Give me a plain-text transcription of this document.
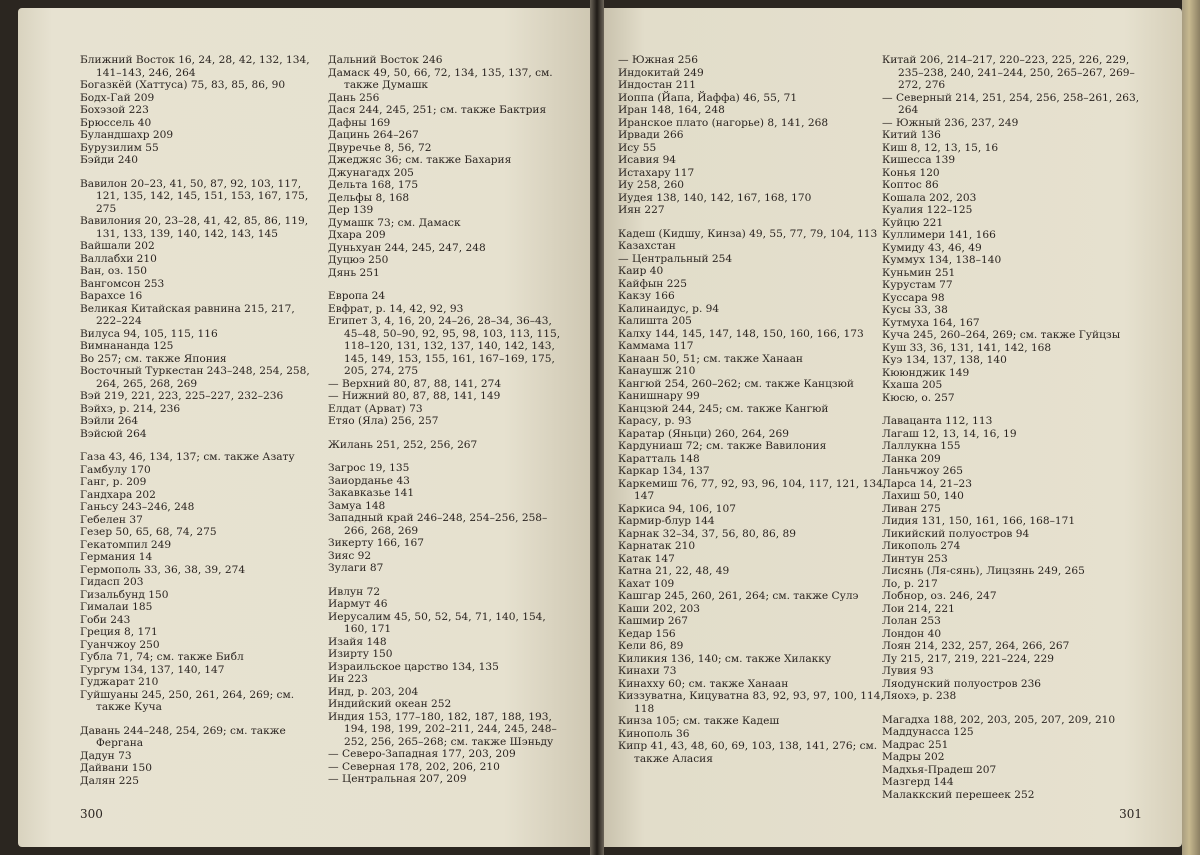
Ближний Восток 16, 24, 28, 42, 132, 134, 141–143, 246, 264
Богазкёй (Хаттуса) 75, 83, 85, 86, 90
Бодх-Гай 209
Бохэзой 223
Брюссель 40
Буландшахр 209
Бурузилим 55
Бэйди 240
Вавилон 20–23, 41, 50, 87, 92, 103, 117, 121, 135, 142, 145, 151, 153, 167, 175, 275
Вавилония 20, 23–28, 41, 42, 85, 86, 119, 131, 133, 139, 140, 142, 143, 145
Вайшали 202
Валлабхи 210
Ван, оз. 150
Вангомсон 253
Варахсе 16
Великая Китайская равнина 215, 217, 222–224
Вилуса 94, 105, 115, 116
Вимнананда 125
Во 257; см. также Япония
Восточный Туркестан 243–248, 254, 258, 264, 265, 268, 269
Вэй 219, 221, 223, 225–227, 232–236
Вэйхэ, р. 214, 236
Вэйли 264
Вэйсюй 264
Газа 43, 46, 134, 137; см. также Азату
Гамбулу 170
Ганг, р. 209
Гандхара 202
Ганьсу 243–246, 248
Гебелен 37
Гезер 50, 65, 68, 74, 275
Гекатомпил 249
Германия 14
Гермополь 33, 36, 38, 39, 274
Гидасп 203
Гизальбунд 150
Гималаи 185
Гоби 243
Греция 8, 171
Гуанчжоу 250
Губла 71, 74; см. также Библ
Гургум 134, 137, 140, 147
Гуджарат 210
Гуйшуаны 245, 250, 261, 264, 269; см. также Куча
Давань 244–248, 254, 269; см. также Фергана
Дадун 73
Дайвани 150
Далян 225
Дальний Восток 246
Дамаск 49, 50, 66, 72, 134, 135, 137, см. также Думашк
Дань 256
Дася 244, 245, 251; см. также Бактрия
Дафны 169
Дацинь 264–267
Двуречье 8, 56, 72
Джеджяс 36; см. также Бахария
Джунагадх 205
Дельта 168, 175
Дельфы 8, 168
Дер 139
Думашк 73; см. Дамаск
Дхара 209
Дуньхуан 244, 245, 247, 248
Дуцюэ 250
Дянь 251
Европа 24
Евфрат, р. 14, 42, 92, 93
Египет 3, 4, 16, 20, 24–26, 28–34, 36–43, 45–48, 50–90, 92, 95, 98, 103, 113, 115, 118–120, 131, 132, 137, 140, 142, 143, 145, 149, 153, 155, 161, 167–169, 175, 205, 274, 275
— Верхний 80, 87, 88, 141, 274
— Нижний 80, 87, 88, 141, 149
Елдат (Арват) 73
Етяо (Яла) 256, 257
Жилань 251, 252, 256, 267
Загрос 19, 135
Заиорданье 43
Закавказье 141
Замуа 148
Западный край 246–248, 254–256, 258–266, 268, 269
Зикерту 166, 167
Зияс 92
Зулаги 87
Ивлун 72
Иармут 46
Иерусалим 45, 50, 52, 54, 71, 140, 154, 160, 171
Изайя 148
Изирту 150
Израильское царство 134, 135
Ин 223
Инд, р. 203, 204
Индийский океан 252
Индия 153, 177–180, 182, 187, 188, 193, 194, 198, 199, 202–211, 244, 245, 248–252, 256, 265–268; см. также Шэньду
— Северо-Западная 177, 203, 209
— Северная 178, 202, 206, 210
— Центральная 207, 209
300
— Южная 256
Индокитай 249
Индостан 211
Иоппа (Йапа, Йаффа) 46, 55, 71
Иран 148, 164, 248
Иранское плато (нагорье) 8, 141, 268
Ирвади 266
Ису 55
Исавия 94
Истахару 117
Иу 258, 260
Иудея 138, 140, 142, 167, 168, 170
Иян 227
Кадеш (Кидшу, Кинза) 49, 55, 77, 79, 104, 113
Казахстан
— Центральный 254
Каир 40
Кайфын 225
Какзу 166
Калинаидус, р. 94
Калишта 205
Калху 144, 145, 147, 148, 150, 160, 166, 173
Каммама 117
Канаан 50, 51; см. также Ханаан
Канаушж 210
Кангюй 254, 260–262; см. также Канцзюй
Канишнару 99
Канцзюй 244, 245; см. также Кангюй
Карасу, р. 93
Каратар (Яньци) 260, 264, 269
Кардуниаш 72; см. также Вавилония
Каратталь 148
Каркар 134, 137
Каркемиш 76, 77, 92, 93, 96, 104, 117, 121, 134, 147
Каркиса 94, 106, 107
Кармир-блур 144
Карнак 32–34, 37, 56, 80, 86, 89
Карнатак 210
Катак 147
Катна 21, 22, 48, 49
Кахат 109
Кашгар 245, 260, 261, 264; см. также Сулэ
Каши 202, 203
Кашмир 267
Кедар 156
Кели 86, 89
Киликия 136, 140; см. также Хилакку
Кинахи 73
Кинахху 60; см. также Ханаан
Киззуватна, Кицуватна 83, 92, 93, 97, 100, 114, 118
Кинза 105; см. также Кадеш
Кинополь 36
Кипр 41, 43, 48, 60, 69, 103, 138, 141, 276; см. также Аласия
Китай 206, 214–217, 220–223, 225, 226, 229, 235–238, 240, 241–244, 250, 265–267, 269–272, 276
— Северный 214, 251, 254, 256, 258–261, 263, 264
— Южный 236, 237, 249
Китий 136
Киш 8, 12, 13, 15, 16
Кишесса 139
Конья 120
Коптос 86
Кошала 202, 203
Куалия 122–125
Куйцю 221
Куллимери 141, 166
Кумиду 43, 46, 49
Куммух 134, 138–140
Куньмин 251
Курустам 77
Куссара 98
Кусы 33, 38
Кутмуха 164, 167
Куча 245, 260–264, 269; см. также Гуйцзы
Куш 33, 36, 131, 141, 142, 168
Куэ 134, 137, 138, 140
Кююнджик 149
Кхаша 205
Кюсю, о. 257
Лавацанта 112, 113
Лагаш 12, 13, 14, 16, 19
Лаллукна 155
Ланка 209
Ланьчжоу 265
Ларса 14, 21–23
Лахиш 50, 140
Ливан 275
Лидия 131, 150, 161, 166, 168–171
Ликийский полуостров 94
Ликополь 274
Линтун 253
Лисянь (Ля-сянь), Лицзянь 249, 265
Ло, р. 217
Лобнор, оз. 246, 247
Лои 214, 221
Лолан 253
Лондон 40
Лоян 214, 232, 257, 264, 266, 267
Лу 215, 217, 219, 221–224, 229
Лувия 93
Ляодунский полуостров 236
Ляохэ, р. 238
Магадха 188, 202, 203, 205, 207, 209, 210
Маддунасса 125
Мадрас 251
Мадры 202
Мадхья-Прадеш 207
Мазгерд 144
Малаккский перешеек 252
301
